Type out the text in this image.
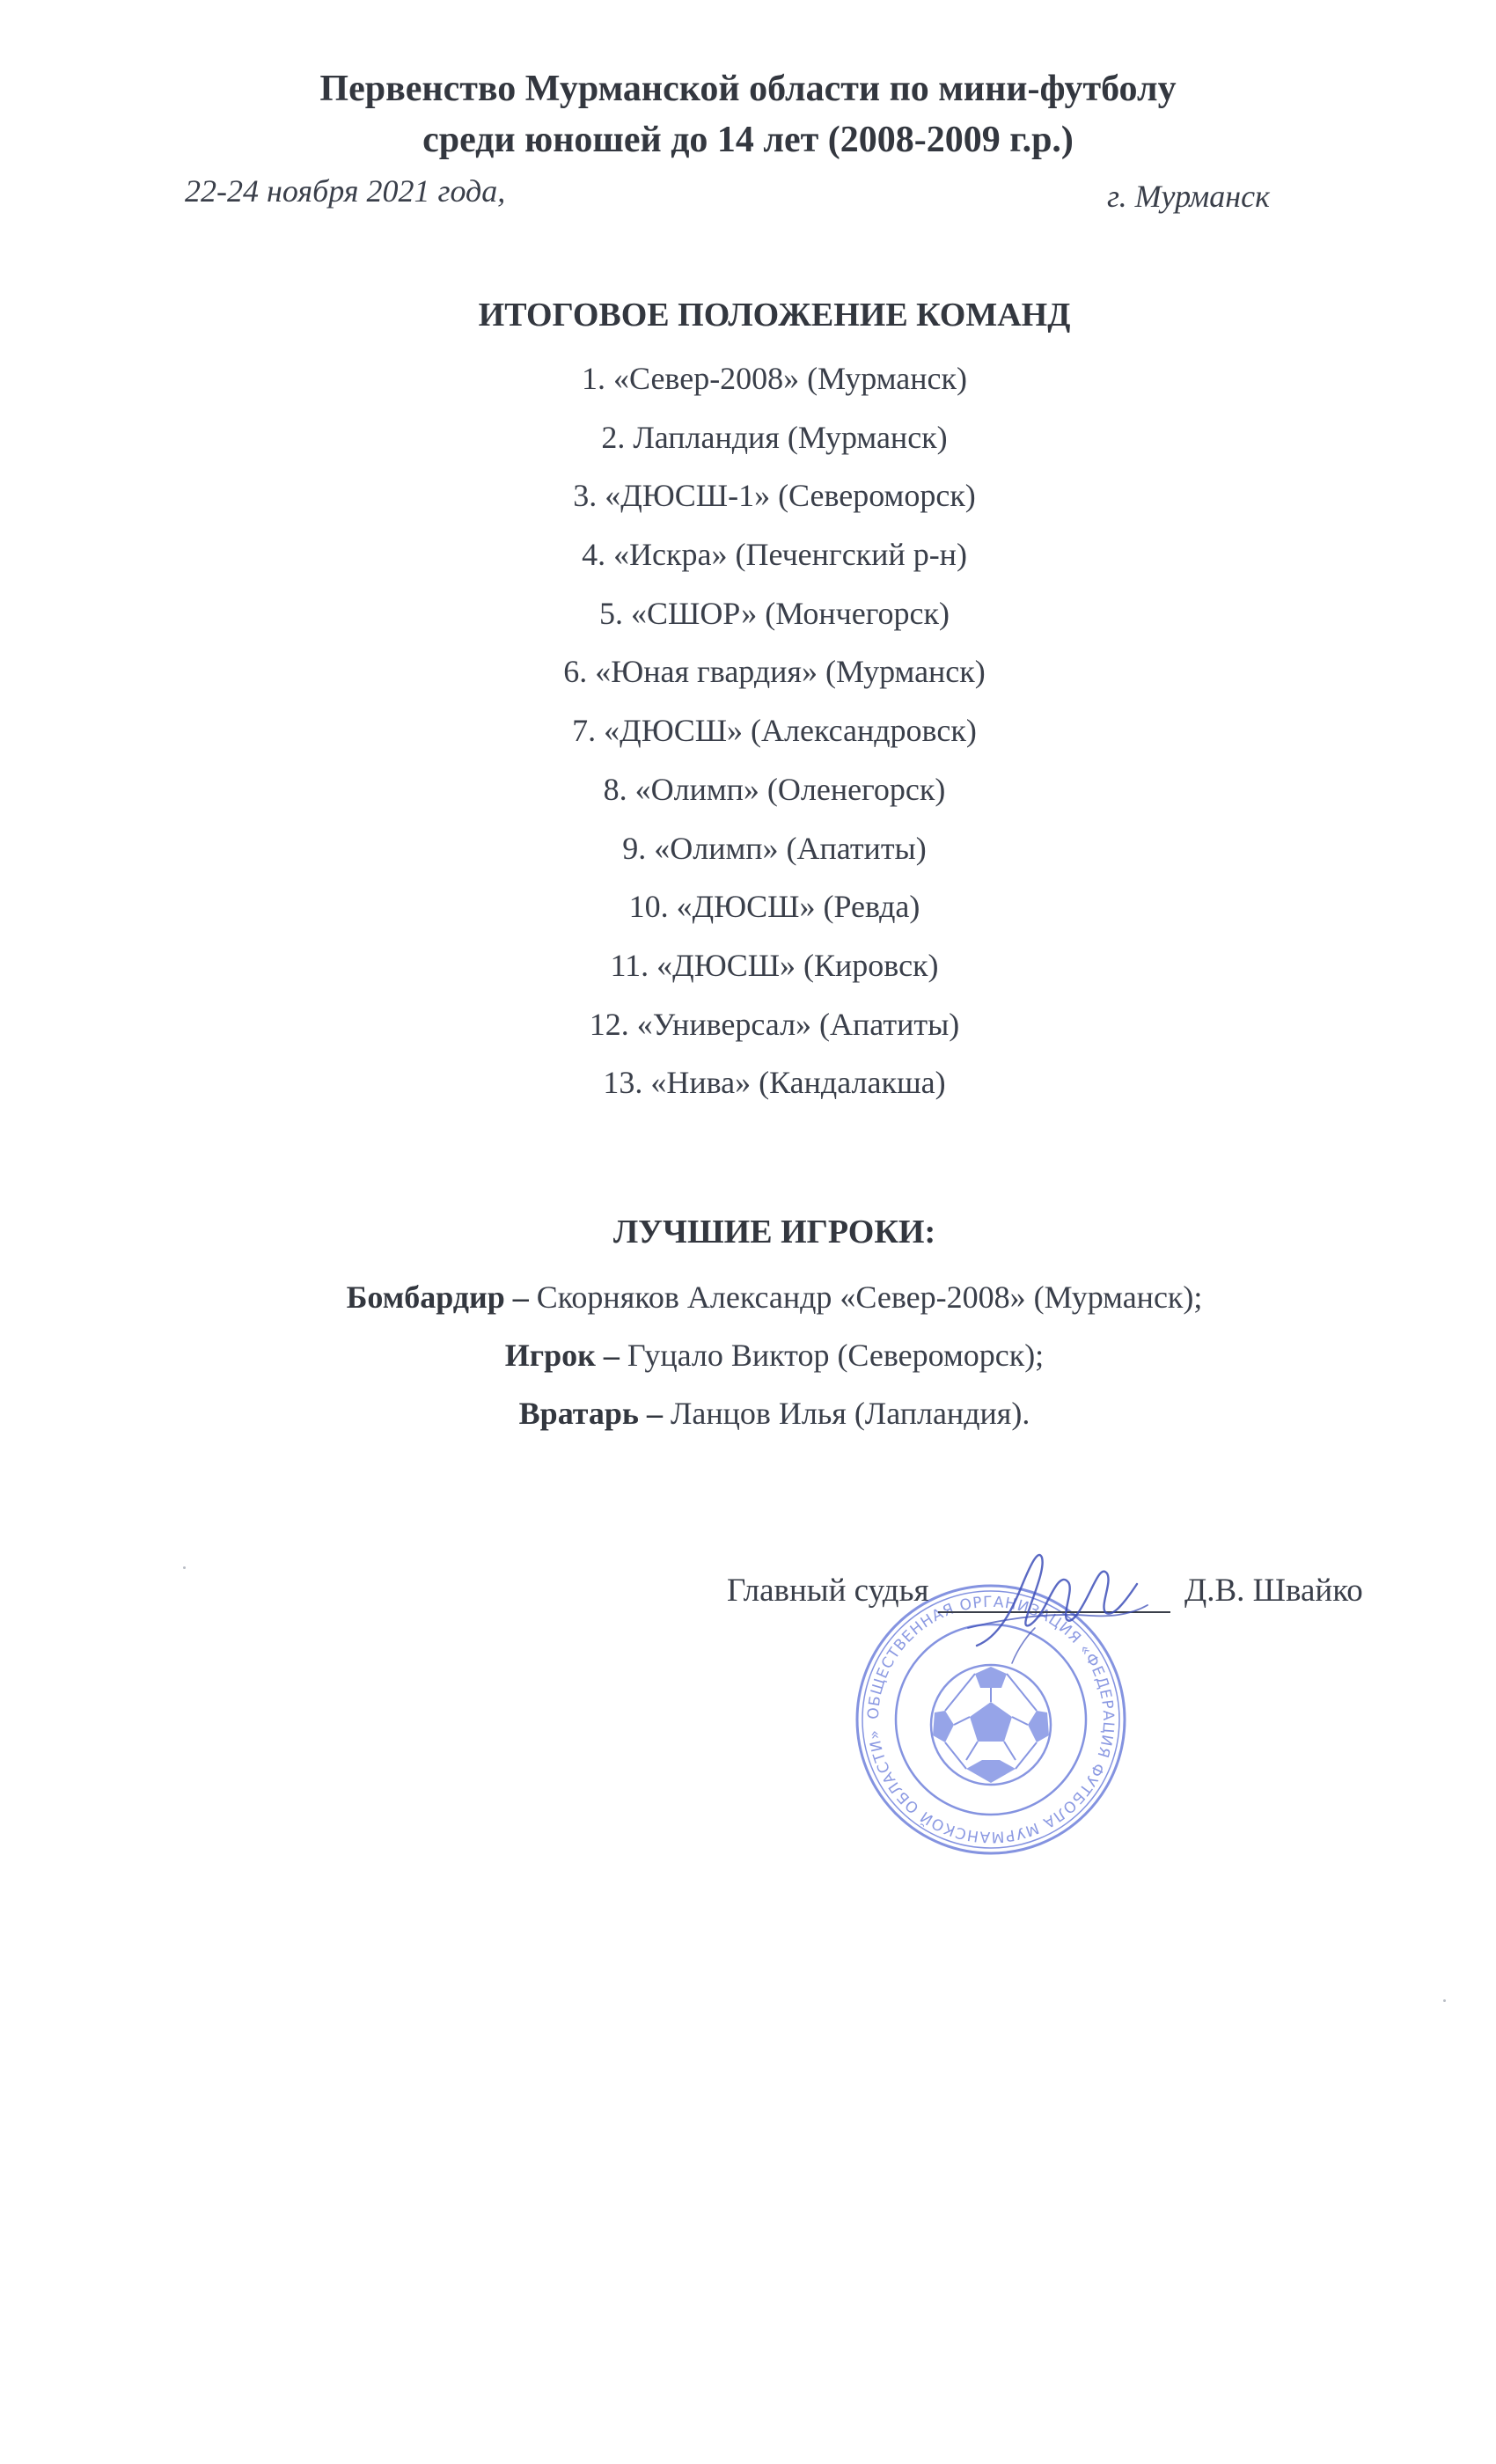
Первенство Мурманской области по мини-футболу
среди юношей до 14 лет (2008-2009 г.р.)
22-24 ноября 2021 года,	г. Мурманск
ИТОГОВОЕ ПОЛОЖЕНИЕ КОМАНД
1. «Север-2008» (Мурманск)
2. Лапландия (Мурманск)
3. «ДЮСШ-1» (Североморск)
4. «Искра» (Печенгский р-н)
5. «СШОР» (Мончегорск)
6. «Юная гвардия» (Мурманск)
7. «ДЮСШ» (Александровск)
8. «Олимп» (Оленегорск)
9. «Олимп» (Апатиты)
10. «ДЮСШ» (Ревда)
11. «ДЮСШ» (Кировск)
12. «Универсал» (Апатиты)
13. «Нива» (Кандалакша)
ЛУЧШИЕ ИГРОКИ:
Бомбардир – Скорняков Александр «Север-2008» (Мурманск);
Игрок – Гуцало Виктор (Североморск);
Вратарь – Ланцов Илья (Лапландия).
ОБЩЕСТВЕННАЯ ОРГАНИЗАЦИЯ «ФЕДЕРАЦИЯ ФУТБОЛА МУРМАНСКОЙ ОБЛАСТИ»
Главный судья	Д.В. Швайко
